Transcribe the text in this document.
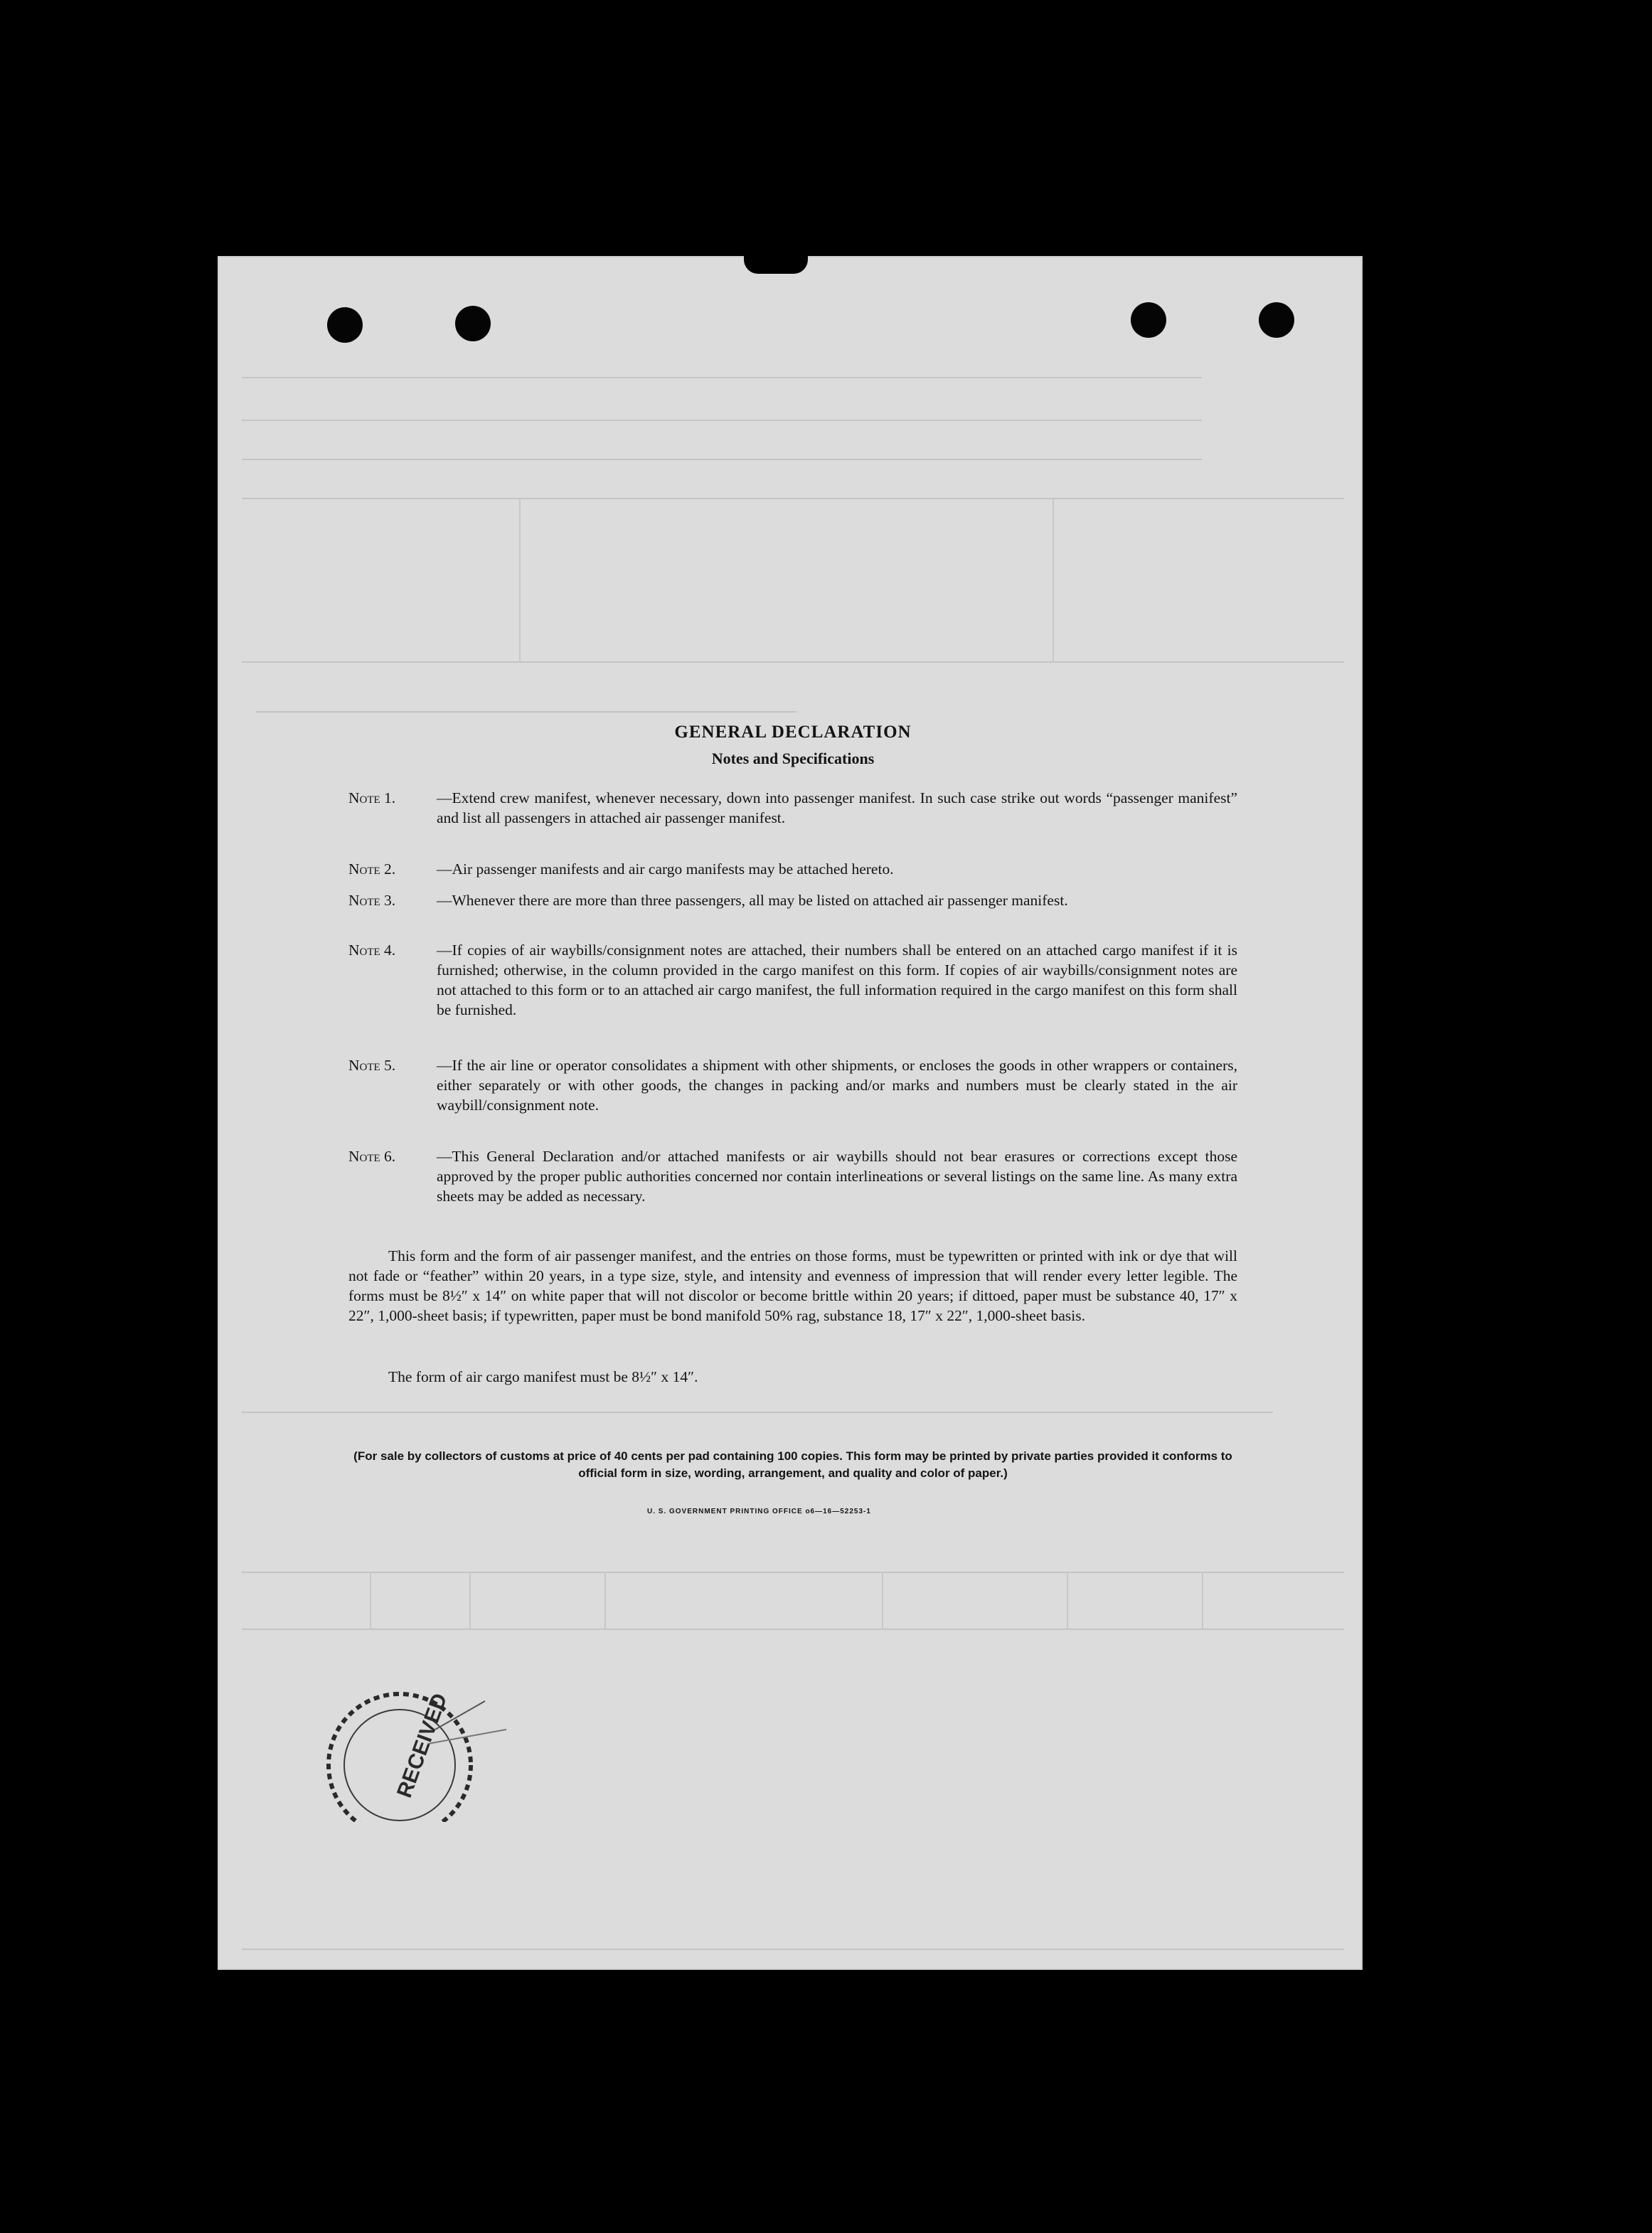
GENERAL DECLARATION
Notes and Specifications
Note 1.	—Extend crew manifest, whenever necessary, down into passenger manifest. In such case strike out words “passenger manifest” and list all passengers in attached air passenger manifest.
Note 2.	—Air passenger manifests and air cargo manifests may be attached hereto.
Note 3.	—Whenever there are more than three passengers, all may be listed on attached air passenger manifest.
Note 4.	—If copies of air waybills/consignment notes are attached, their numbers shall be entered on an attached cargo manifest if it is furnished; otherwise, in the column provided in the cargo manifest on this form. If copies of air waybills/consignment notes are not attached to this form or to an attached air cargo manifest, the full information required in the cargo manifest on this form shall be furnished.
Note 5.	—If the air line or operator consolidates a shipment with other shipments, or encloses the goods in other wrappers or containers, either separately or with other goods, the changes in packing and/or marks and numbers must be clearly stated in the air waybill/consignment note.
Note 6.	—This General Declaration and/or attached manifests or air waybills should not bear erasures or corrections except those approved by the proper public authorities concerned nor contain interlineations or several listings on the same line. As many extra sheets may be added as necessary.
This form and the form of air passenger manifest, and the entries on those forms, must be typewritten or printed with ink or dye that will not fade or “feather” within 20 years, in a type size, style, and intensity and evenness of impression that will render every letter legible. The forms must be 8½″ x 14″ on white paper that will not discolor or become brittle within 20 years; if dittoed, paper must be substance 40, 17″ x 22″, 1,000-sheet basis; if typewritten, paper must be bond manifold 50% rag, substance 18, 17″ x 22″, 1,000-sheet basis.
The form of air cargo manifest must be 8½″ x 14″.
(For sale by collectors of customs at price of 40 cents per pad containing 100 copies. This form may be printed by private parties provided it conforms to official form in size, wording, arrangement, and quality and color of paper.)
U. S. GOVERNMENT PRINTING OFFICE o6—16—52253-1
RECEIVED
